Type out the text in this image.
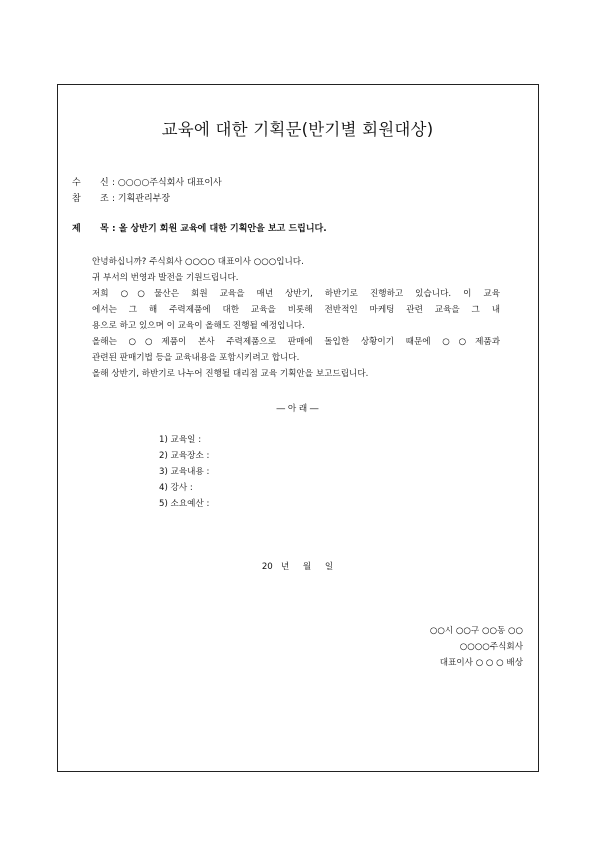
교육에 대한 기획문(반기별 회원대상)
수 신 : ○○○○주식회사 대표이사
참 조 : 기획관리부장
제 목 : 올 상반기 회원 교육에 대한 기획안을 보고 드립니다.
안녕하십니까? 주식회사 ○○○○ 대표이사 ○○○입니다.
귀 부서의 번영과 발전을 기원드립니다.
저희 ○○물산은 회원 교육을 매년 상반기, 하반기로 진행하고 있습니다. 이 교육
에서는 그 해 주력제품에 대한 교육을 비롯해 전반적인 마케팅 관련 교육을 그 내
용으로 하고 있으며 이 교육이 올해도 진행될 예정입니다.
올해는 ○○제품이 본사 주력제품으로 판매에 돌입한 상황이기 때문에 ○○제품과
관련된 판매기법 등을 교육내용을 포함시키려고 합니다.
올해 상반기, 하반기로 나누어 진행될 대리점 교육 기획안을 보고드립니다.
― 아 래 ―
1) 교육일 :
2) 교육장소 :
3) 교육내용 :
4) 강사 :
5) 소요예산 :
20   년     월     일
○○시 ○○구 ○○동 ○○
○○○○주식회사
대표이사 ○ ○ ○ 배상
